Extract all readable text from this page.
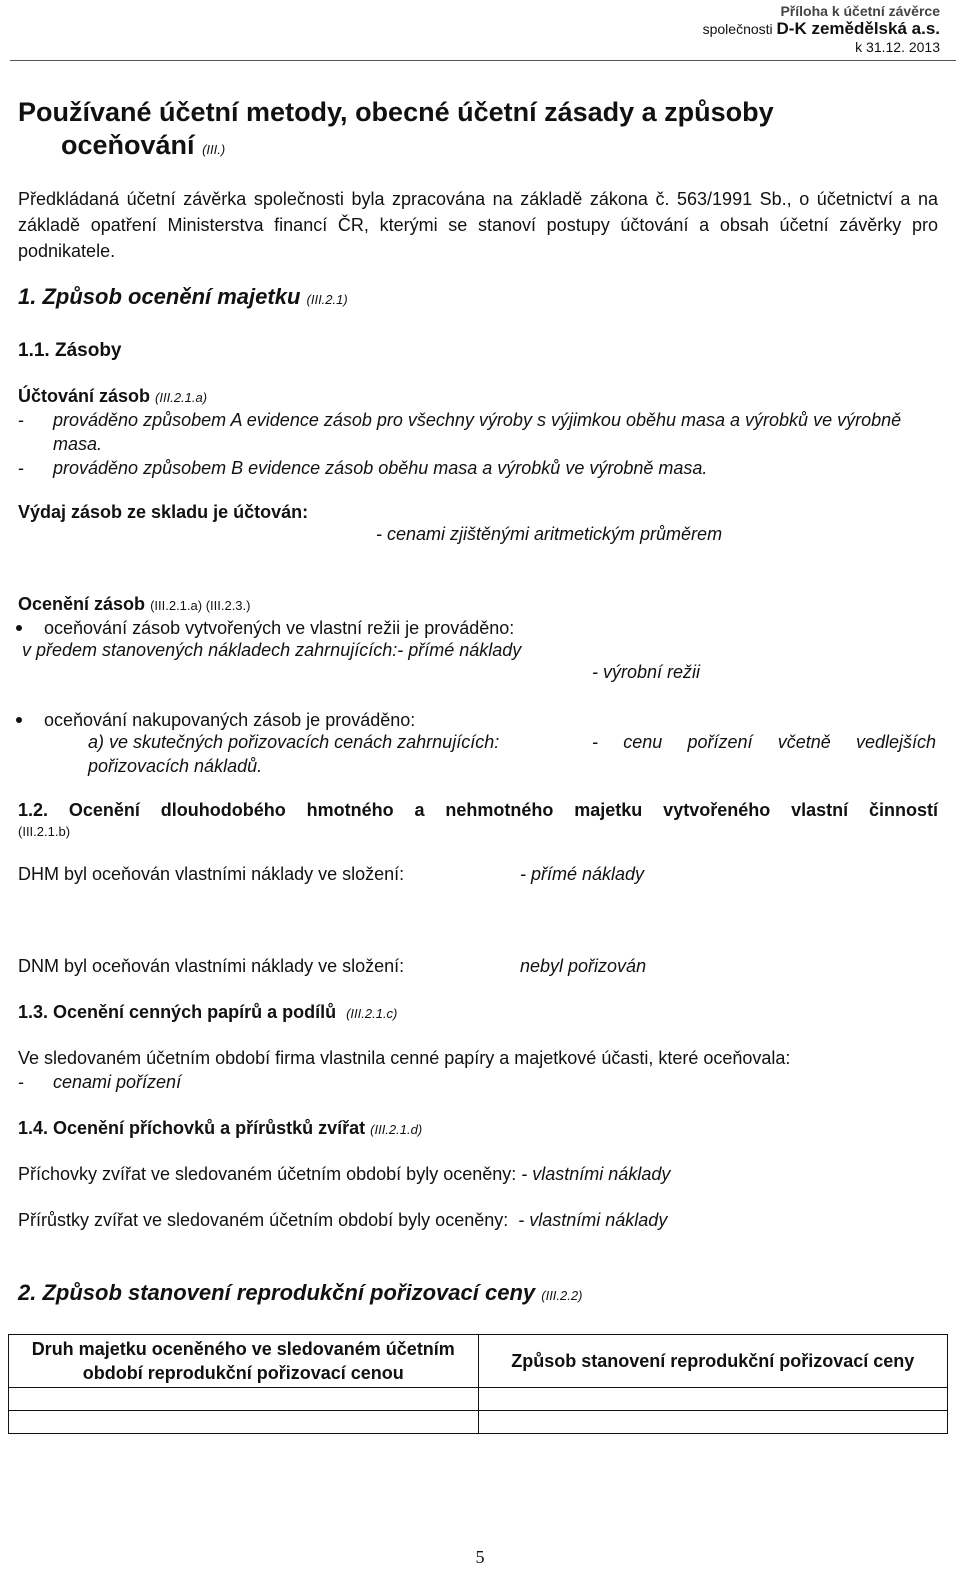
Příloha k účetní závěrce
společnosti D-K zemědělská a.s.
k 31.12. 2013
Používané účetní metody, obecné účetní zásady a způsoby
oceňování (III.)
Předkládaná účetní závěrka společnosti byla zpracována na základě zákona č. 563/1991 Sb., o účetnictví a na základě opatření Ministerstva financí ČR, kterými se stanoví postupy účtování a obsah účetní závěrky pro podnikatele.
1. Způsob ocenění majetku (III.2.1)
1.1. Zásoby
Účtování zásob (III.2.1.a)
- prováděno způsobem A evidence zásob pro všechny výroby s výjimkou oběhu masa a výrobků ve výrobně masa.
- prováděno způsobem B evidence zásob oběhu masa a výrobků ve výrobně masa.
Výdaj zásob ze skladu je účtován:
- cenami zjištěnými aritmetickým průměrem
Ocenění zásob (III.2.1.a) (III.2.3.)
oceňování zásob vytvořených ve vlastní režii je prováděno:
v předem stanovených nákladech zahrnujících:- přímé náklady
- výrobní režii
oceňování nakupovaných zásob je prováděno:
a) ve skutečných pořizovacích cenách zahrnujících:	- cenu pořízení včetně vedlejších
pořizovacích nákladů.
1.2. Ocenění dlouhodobého hmotného a nehmotného majetku vytvořeného vlastní činností
(III.2.1.b)
DHM byl oceňován vlastními náklady ve složení:	- přímé náklady
DNM byl oceňován vlastními náklady ve složení:	nebyl pořizován
1.3. Ocenění cenných papírů a podílů (III.2.1.c)
Ve sledovaném účetním období firma vlastnila cenné papíry a majetkové účasti, které oceňovala:
- cenami pořízení
1.4. Ocenění příchovků a přírůstků zvířat (III.2.1.d)
Příchovky zvířat ve sledovaném účetním období byly oceněny: - vlastními náklady
Přírůstky zvířat ve sledovaném účetním období byly oceněny: - vlastními náklady
2. Způsob stanovení reprodukční pořizovací ceny (III.2.2)
Druh majetku oceněného ve sledovaném účetním období reprodukční pořizovací cenou	Způsob stanovení reprodukční pořizovací ceny

5
